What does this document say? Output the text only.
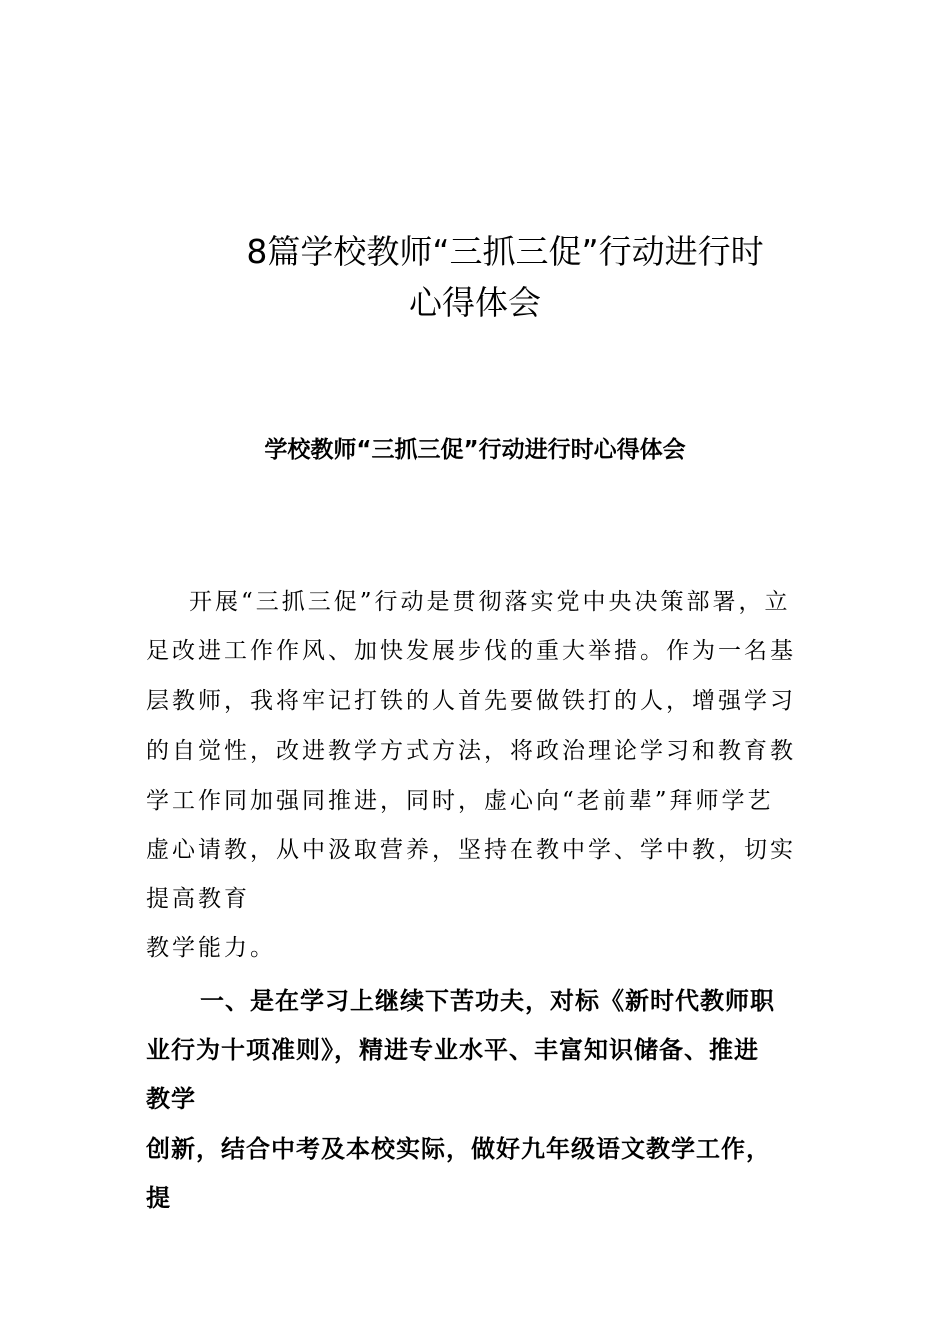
8篇学校教师“三抓三促”行动进行时
心得体会
学校教师“三抓三促”行动进行时心得体会
开展“三抓三促”行动是贯彻落实党中央决策部署，立
足改进工作作风、加快发展步伐的重大举措。作为一名基
层教师，我将牢记打铁的人首先要做铁打的人，增强学习
的自觉性，改进教学方式方法，将政治理论学习和教育教
学工作同加强同推进，同时，虚心向“老前辈”拜师学艺
虚心请教，从中汲取营养，坚持在教中学、学中教，切实
提高教育
教学能力。
一、是在学习上继续下苦功夫，对标《新时代教师职
业行为十项准则》，精进专业水平、丰富知识储备、推进
教学
创新，结合中考及本校实际，做好九年级语文教学工作，
提
